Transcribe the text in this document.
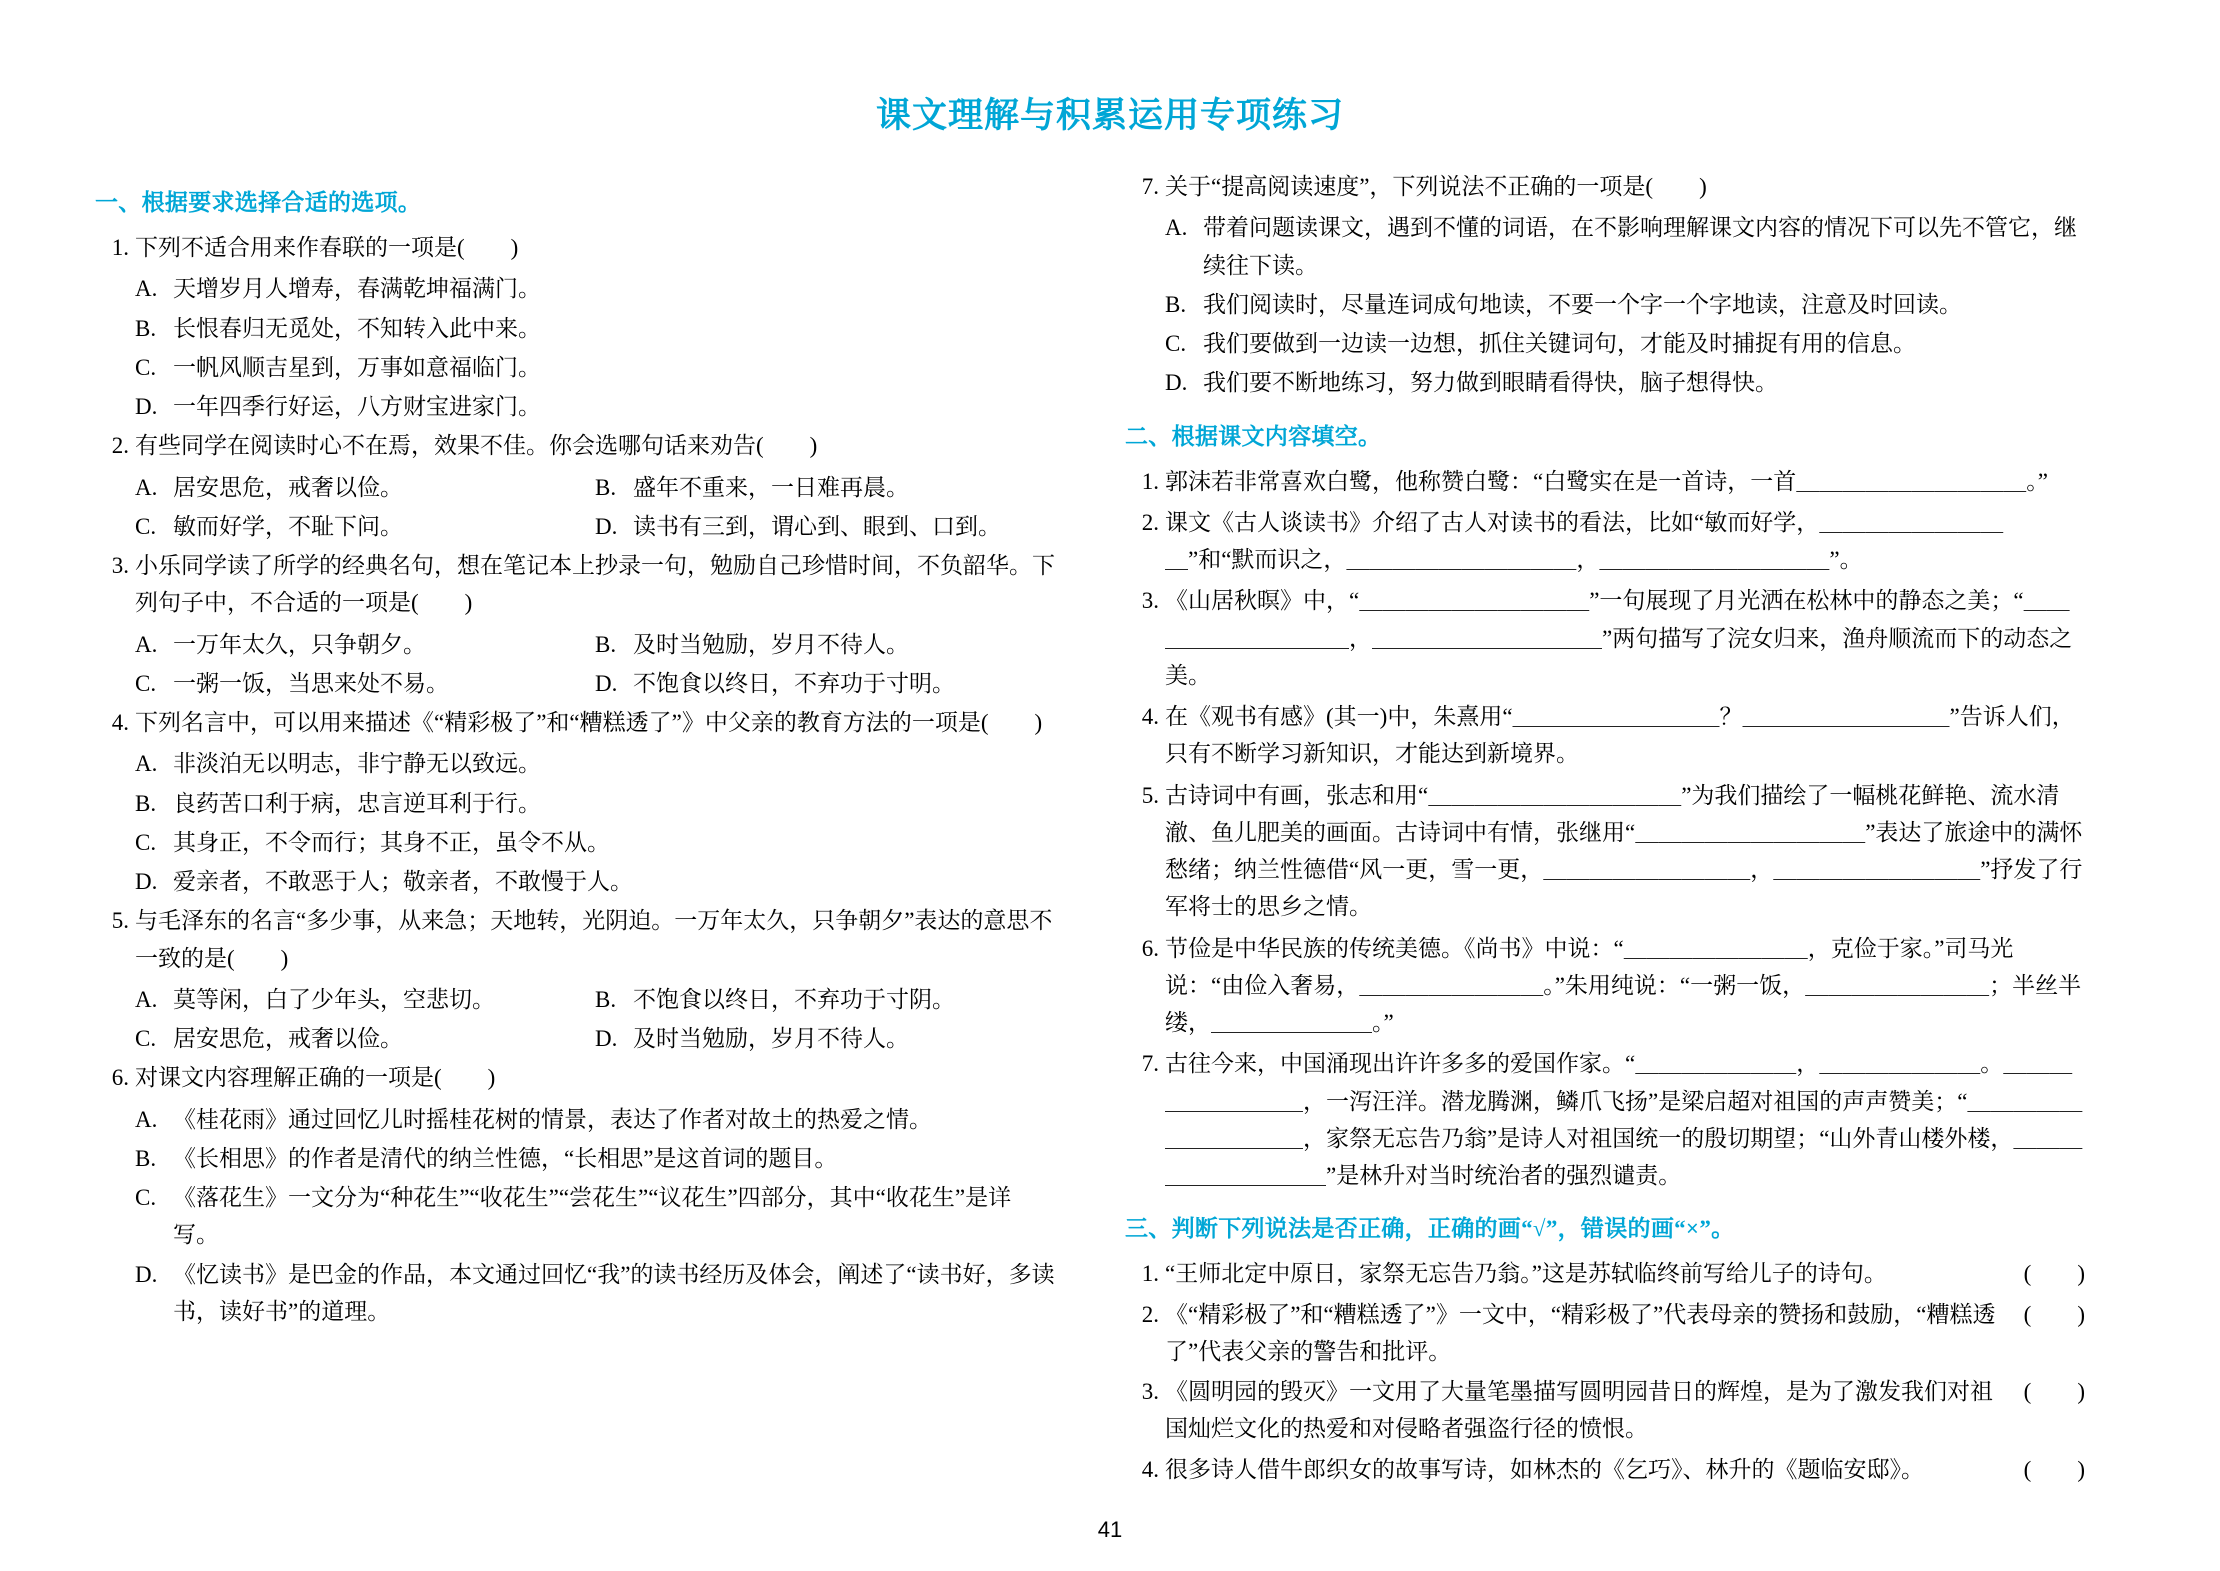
课文理解与积累运用专项练习
一、根据要求选择合适的选项。
1. 下列不适合用来作春联的一项是(　　)
A. 天增岁月人增寿，春满乾坤福满门。
B. 长恨春归无觅处，不知转入此中来。
C. 一帆风顺吉星到，万事如意福临门。
D. 一年四季行好运，八方财宝进家门。
2. 有些同学在阅读时心不在焉，效果不佳。你会选哪句话来劝告(　　)
A. 居安思危，戒奢以俭。	B. 盛年不重来，一日难再晨。
C. 敏而好学，不耻下问。	D. 读书有三到，谓心到、眼到、口到。
3. 小乐同学读了所学的经典名句，想在笔记本上抄录一句，勉励自己珍惜时间，不负韶华。下列句子中，不合适的一项是(　　)
A. 一万年太久，只争朝夕。	B. 及时当勉励，岁月不待人。
C. 一粥一饭，当思来处不易。	D. 不饱食以终日，不弃功于寸明。
4. 下列名言中，可以用来描述《“精彩极了”和“糟糕透了”》中父亲的教育方法的一项是(　　)
A. 非淡泊无以明志，非宁静无以致远。
B. 良药苦口利于病，忠言逆耳利于行。
C. 其身正，不令而行；其身不正，虽令不从。
D. 爱亲者，不敢恶于人；敬亲者，不敢慢于人。
5. 与毛泽东的名言“多少事，从来急；天地转，光阴迫。一万年太久，只争朝夕”表达的意思不一致的是(　　)
A. 莫等闲，白了少年头，空悲切。	B. 不饱食以终日，不弃功于寸阴。
C. 居安思危，戒奢以俭。	D. 及时当勉励，岁月不待人。
6. 对课文内容理解正确的一项是(　　)
A. 《桂花雨》通过回忆儿时摇桂花树的情景，表达了作者对故土的热爱之情。
B. 《长相思》的作者是清代的纳兰性德，“长相思”是这首词的题目。
C. 《落花生》一文分为“种花生”“收花生”“尝花生”“议花生”四部分，其中“收花生”是详写。
D. 《忆读书》是巴金的作品，本文通过回忆“我”的读书经历及体会，阐述了“读书好，多读书，读好书”的道理。
7. 关于“提高阅读速度”，下列说法不正确的一项是(　　)
A. 带着问题读课文，遇到不懂的词语，在不影响理解课文内容的情况下可以先不管它，继续往下读。
B. 我们阅读时，尽量连词成句地读，不要一个字一个字地读，注意及时回读。
C. 我们要做到一边读一边想，抓住关键词句，才能及时捕捉有用的信息。
D. 我们要不断地练习，努力做到眼睛看得快，脑子想得快。
二、根据课文内容填空。
1. 郭沫若非常喜欢白鹭，他称赞白鹭：“白鹭实在是一首诗，一首＿＿＿＿＿＿＿＿＿＿。”
2. 课文《古人谈读书》介绍了古人对读书的看法，比如“敏而好学，＿＿＿＿＿＿＿＿＿”和“默而识之，＿＿＿＿＿＿＿＿＿＿，＿＿＿＿＿＿＿＿＿＿”。
3. 《山居秋暝》中，“＿＿＿＿＿＿＿＿＿＿”一句展现了月光洒在松林中的静态之美；“＿＿＿＿＿＿＿＿＿＿，＿＿＿＿＿＿＿＿＿＿”两句描写了浣女归来，渔舟顺流而下的动态之美。
4. 在《观书有感》(其一)中，朱熹用“＿＿＿＿＿＿＿＿＿？＿＿＿＿＿＿＿＿＿”告诉人们，只有不断学习新知识，才能达到新境界。
5. 古诗词中有画，张志和用“＿＿＿＿＿＿＿＿＿＿＿”为我们描绘了一幅桃花鲜艳、流水清澈、鱼儿肥美的画面。古诗词中有情，张继用“＿＿＿＿＿＿＿＿＿＿”表达了旅途中的满怀愁绪；纳兰性德借“风一更，雪一更，＿＿＿＿＿＿＿＿＿，＿＿＿＿＿＿＿＿＿”抒发了行军将士的思乡之情。
6. 节俭是中华民族的传统美德。《尚书》中说：“＿＿＿＿＿＿＿＿，克俭于家。”司马光说：“由俭入奢易，＿＿＿＿＿＿＿＿。”朱用纯说：“一粥一饭，＿＿＿＿＿＿＿＿；半丝半缕，＿＿＿＿＿＿＿。”
7. 古往今来，中国涌现出许许多多的爱国作家。“＿＿＿＿＿＿＿，＿＿＿＿＿＿＿。＿＿＿＿＿＿＿＿＿，一泻汪洋。潜龙腾渊，鳞爪飞扬”是梁启超对祖国的声声赞美；“＿＿＿＿＿＿＿＿＿＿＿，家祭无忘告乃翁”是诗人对祖国统一的殷切期望；“山外青山楼外楼，＿＿＿＿＿＿＿＿＿＿”是林升对当时统治者的强烈谴责。
三、判断下列说法是否正确，正确的画“√”，错误的画“×”。
1. “王师北定中原日，家祭无忘告乃翁。”这是苏轼临终前写给儿子的诗句。	(　　)
2. 《“精彩极了”和“糟糕透了”》一文中，“精彩极了”代表母亲的赞扬和鼓励，“糟糕透了”代表父亲的警告和批评。
(　　)
3. 《圆明园的毁灭》一文用了大量笔墨描写圆明园昔日的辉煌，是为了激发我们对祖国灿烂文化的热爱和对侵略者强盗行径的愤恨。
(　　)
4. 很多诗人借牛郎织女的故事写诗，如林杰的《乞巧》、林升的《题临安邸》。	(　　)
41
